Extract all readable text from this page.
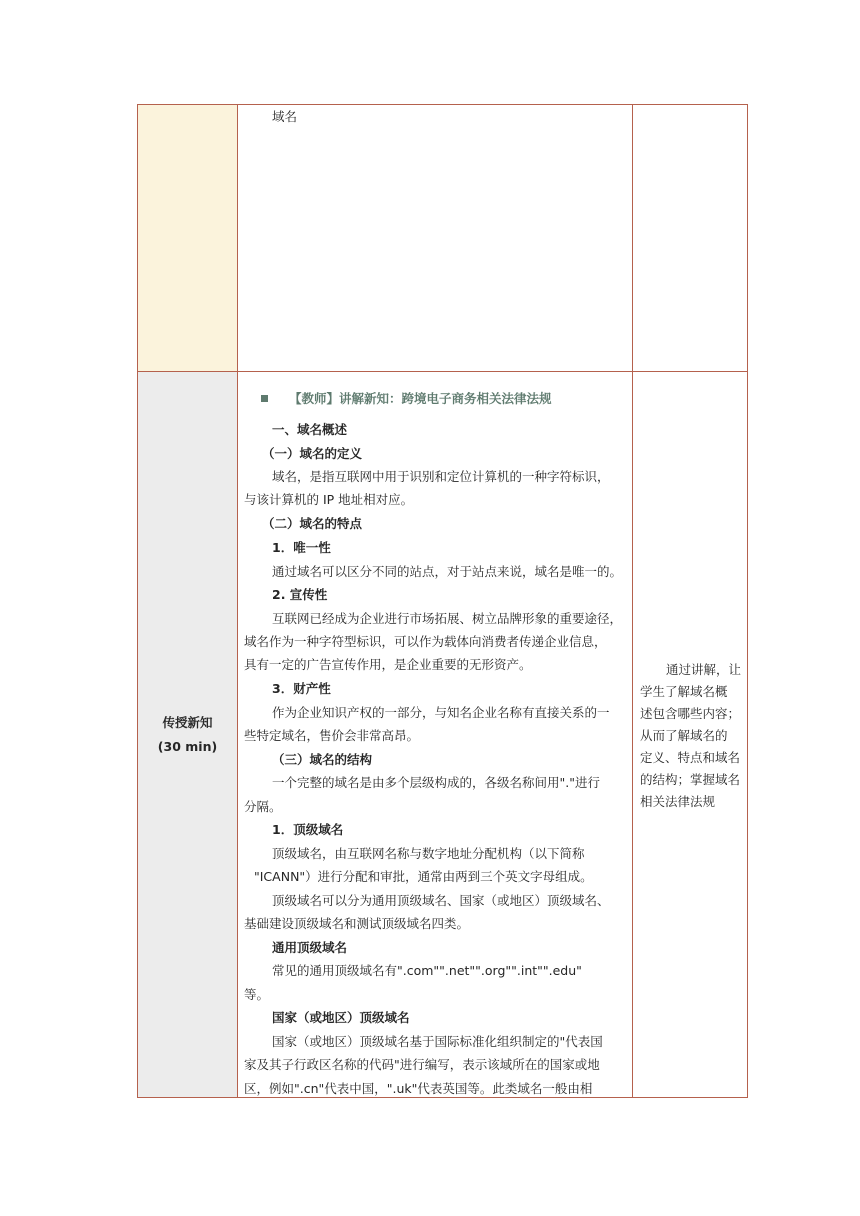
域名
传授新知
(30 min)
【教师】讲解新知：跨境电子商务相关法律法规
一、域名概述
（一）域名的定义
域名，是指互联网中用于识别和定位计算机的一种字符标识，
与该计算机的 IP 地址相对应。
（二）域名的特点
1．唯一性
通过域名可以区分不同的站点，对于站点来说，域名是唯一的。
2. 宣传性
互联网已经成为企业进行市场拓展、树立品牌形象的重要途径，
域名作为一种字符型标识，可以作为载体向消费者传递企业信息，
具有一定的广告宣传作用，是企业重要的无形资产。
3．财产性
作为企业知识产权的一部分，与知名企业名称有直接关系的一
些特定域名，售价会非常高昂。
（三）域名的结构
一个完整的域名是由多个层级构成的，各级名称间用"."进行
分隔。
1．顶级域名
顶级域名，由互联网名称与数字地址分配机构（以下简称
"ICANN"）进行分配和审批，通常由两到三个英文字母组成。
顶级域名可以分为通用顶级域名、国家（或地区）顶级域名、
基础建设顶级域名和测试顶级域名四类。
通用顶级域名
常见的通用顶级域名有".com"".net"".org"".int"".edu"
等。
国家（或地区）顶级域名
国家（或地区）顶级域名基于国际标准化组织制定的"代表国
家及其子行政区名称的代码"进行编写，表示该域所在的国家或地
区，例如".cn"代表中国，".uk"代表英国等。此类域名一般由相
通过讲解，让
学生了解域名概
述包含哪些内容；
从而了解域名的
定义、特点和域名
的结构；掌握域名
相关法律法规
